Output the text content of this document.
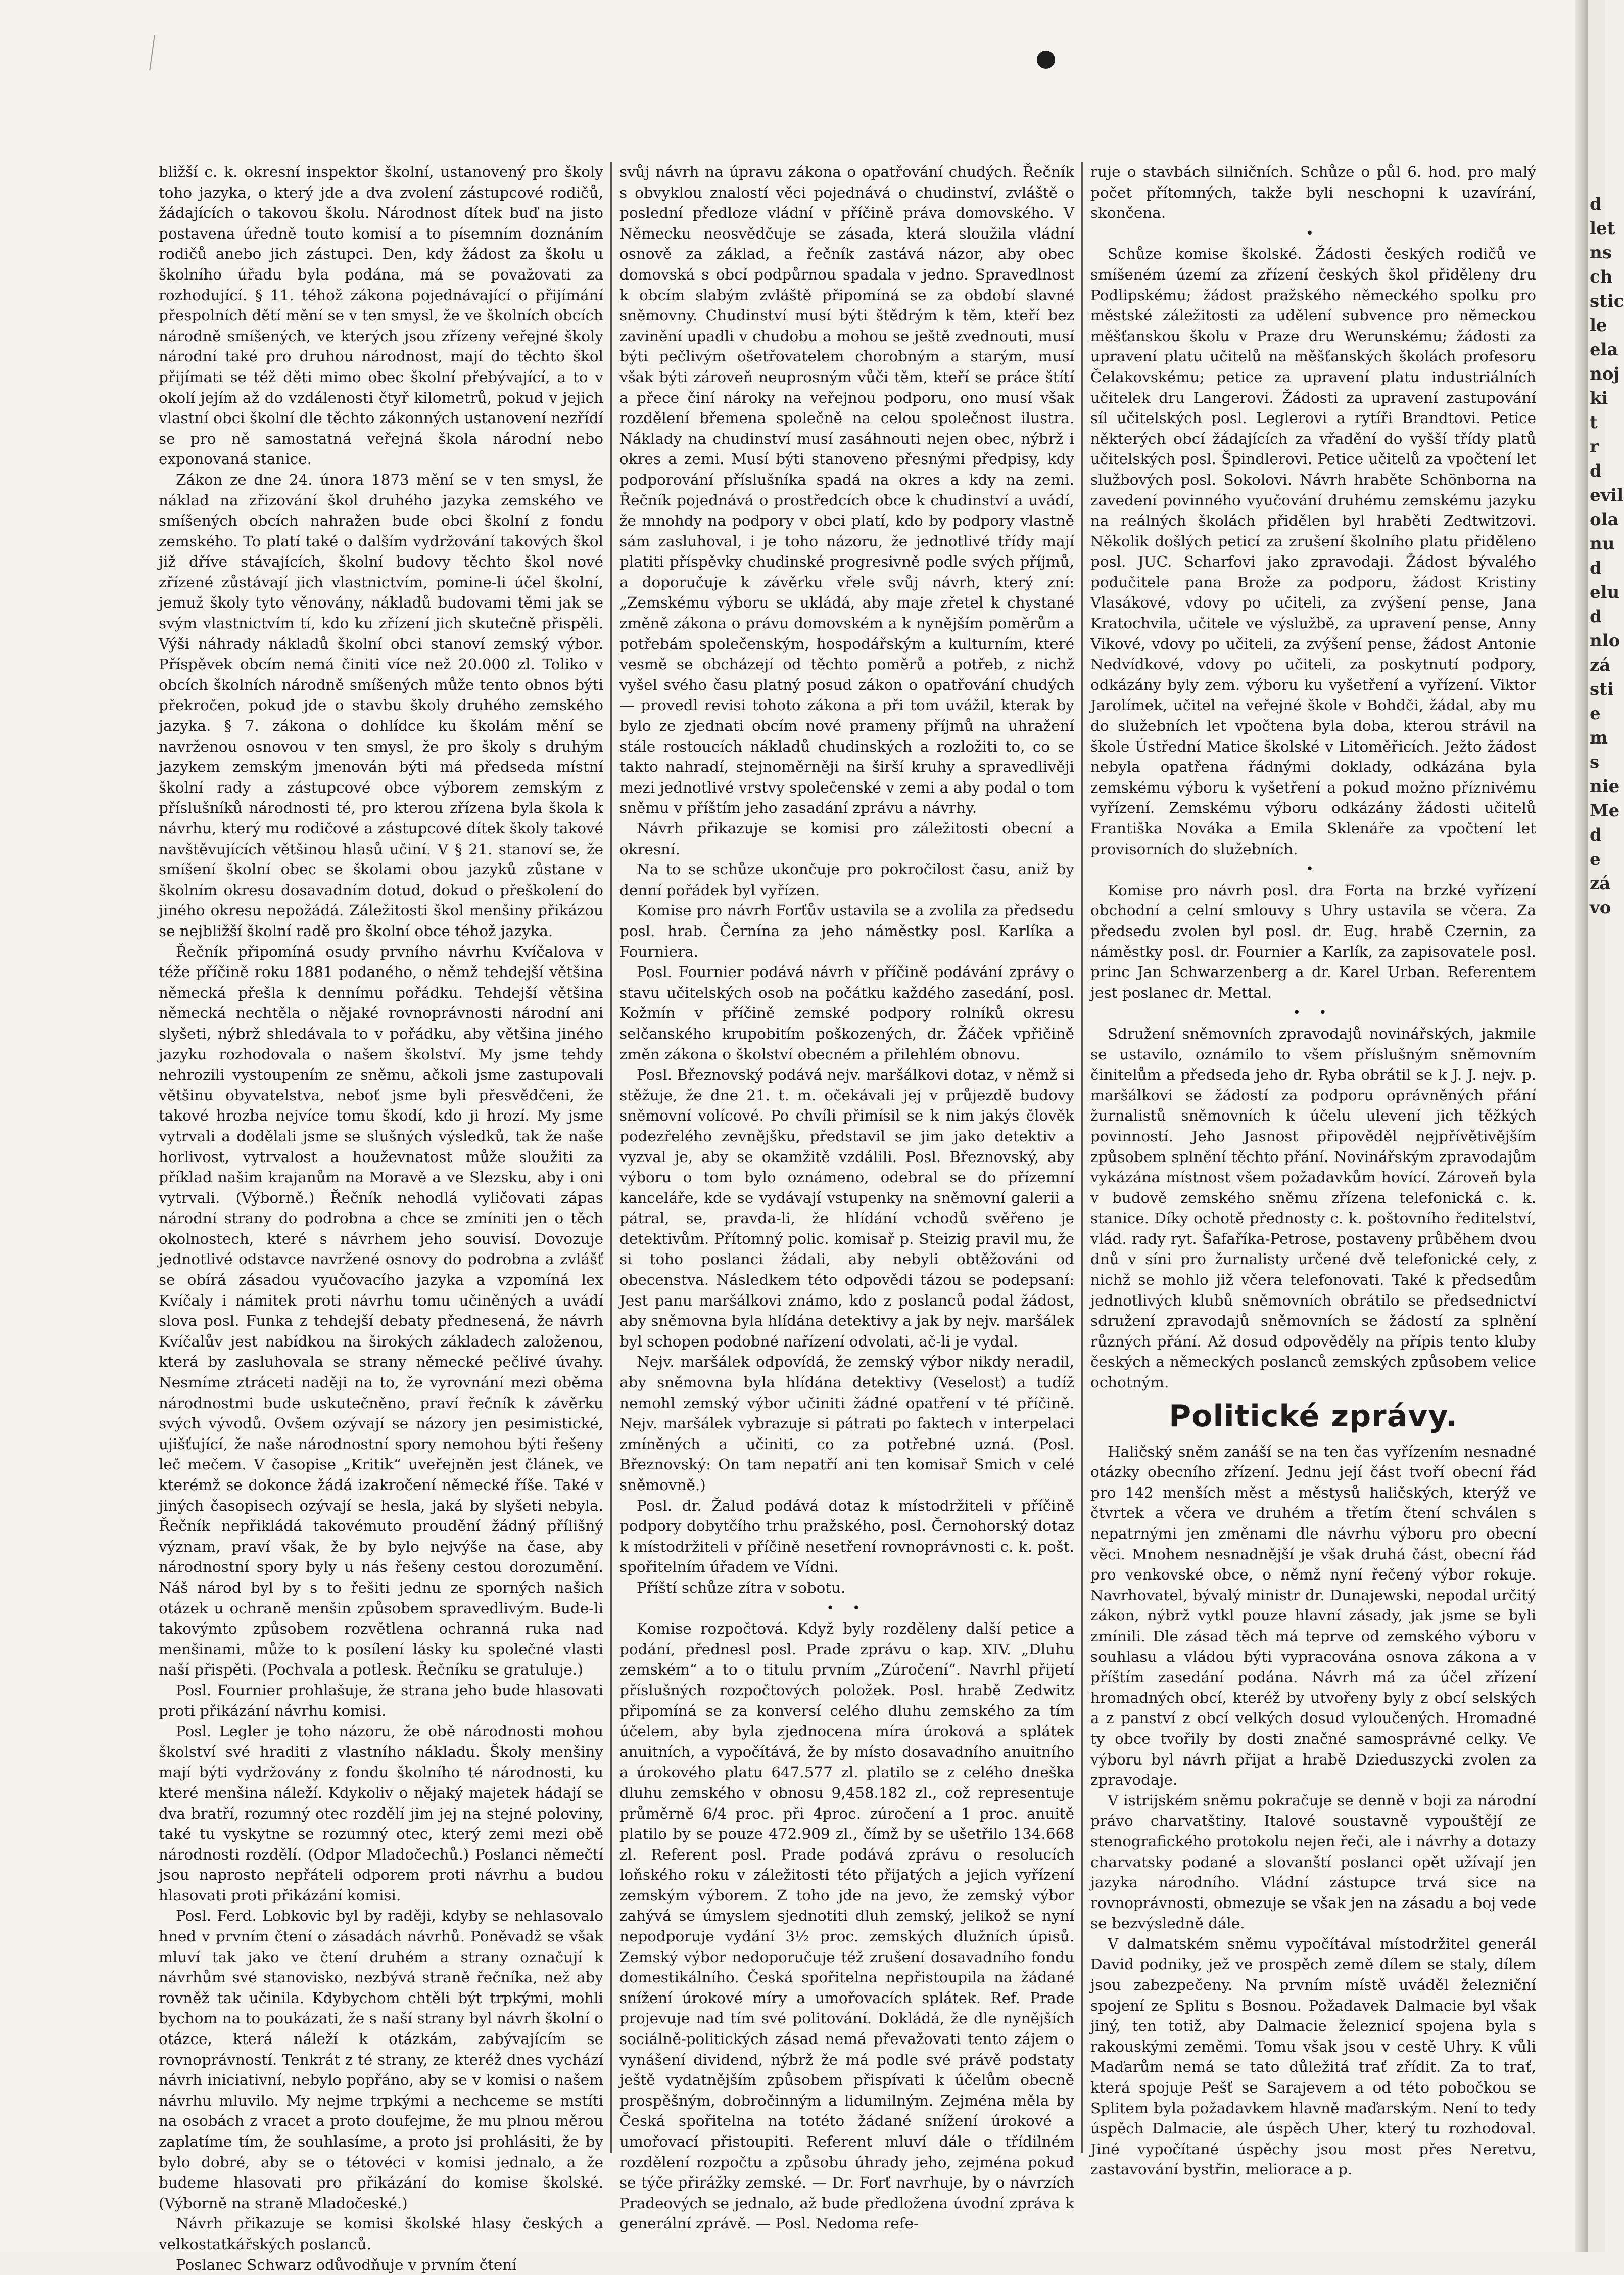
bližší c. k. okresní inspektor školní, ustanovený pro školy toho jazyka, o který jde a dva zvolení zástupcové rodičů, žádajících o takovou školu. Národnost dítek buď na jisto postavena úředně touto komisí a to písemním doznáním rodičů anebo jich zástupci. Den, kdy žádost za školu u školního úřadu byla podána, má se považovati za rozhodující. § 11. téhož zákona pojednávající o přijímání přespolních dětí mění se v ten smysl, že ve školních obcích národně smíšených, ve kterých jsou zřízeny veřejné školy národní také pro druhou národnost, mají do těchto škol přijímati se též děti mimo obec školní přebývající, a to v okolí jejím až do vzdálenosti čtyř kilometrů, pokud v jejich vlastní obci školní dle těchto zákonných ustanovení nezřídí se pro ně samostatná veřejná škola národní nebo exponovaná stanice.

Zákon ze dne 24. února 1873 mění se v ten smysl, že náklad na zřizování škol druhého jazyka zemského ve smíšených obcích nahražen bude obci školní z fondu zemského. To platí také o dalším vydržování takových škol již dříve stávajících, školní budovy těchto škol nové zřízené zůstávají jich vlastnictvím, pomine-li účel školní, jemuž školy tyto věnovány, nákladů budovami těmi jak se svým vlastnictvím tí, kdo ku zřízení jich skutečně přispěli. Výši náhrady nákladů školní obci stanoví zemský výbor. Příspěvek obcím nemá činiti více než 20.000 zl. Toliko v obcích školních národně smíšených může tento obnos býti překročen, pokud jde o stavbu školy druhého zemského jazyka. § 7. zákona o dohlídce ku školám mění se navrženou osnovou v ten smysl, že pro školy s druhým jazykem zemským jmenován býti má předseda místní školní rady a zástupcové obce výborem zemským z příslušníků národnosti té, pro kterou zřízena byla škola k návrhu, který mu rodičové a zástupcové dítek školy takové navštěvujících většinou hlasů učiní. V § 21. stanoví se, že smíšení školní obec se školami obou jazyků zůstane v školním okresu dosavadním dotud, dokud o přeškolení do jiného okresu nepožádá. Záležitosti škol menšiny přikázou se nejbližší školní radě pro školní obce téhož jazyka.

Řečník připomíná osudy prvního návrhu Kvíčalova v téže příčině roku 1881 podaného, o němž tehdejší většina německá přešla k dennímu pořádku. Tehdejší většina německá nechtěla o nějaké rovnoprávnosti národní ani slyšeti, nýbrž shledávala to v pořádku, aby většina jiného jazyku rozhodovala o našem školství. My jsme tehdy nehrozili vystoupením ze sněmu, ačkoli jsme zastupovali většinu obyvatelstva, neboť jsme byli přesvědčeni, že takové hrozba nejvíce tomu škodí, kdo ji hrozí. My jsme vytrvali a dodělali jsme se slušných výsledků, tak že naše horlivost, vytrvalost a houževnatost může sloužiti za příklad našim krajanům na Moravě a ve Slezsku, aby i oni vytrvali. (Výborně.) Řečník nehodlá vyličovati zápas národní strany do podrobna a chce se zmíniti jen o těch okolnostech, které s návrhem jeho souvisí. Dovozuje jednotlivé odstavce navržené osnovy do podrobna a zvlášť se obírá zásadou vyučovacího jazyka a vzpomíná lex Kvíčaly i námitek proti návrhu tomu učiněných a uvádí slova posl. Funka z tehdejší debaty přednesená, že návrh Kvíčalův jest nabídkou na širokých základech založenou, která by zasluhovala se strany německé pečlivé úvahy. Nesmíme ztráceti naději na to, že vyrovnání mezi oběma národnostmi bude uskutečněno, praví řečník k závěrku svých vývodů. Ovšem ozývají se názory jen pesimistické, ujišťující, že naše národnostní spory nemohou býti řešeny leč mečem. V časopise „Kritik“ uveřejněn jest článek, ve kterémž se dokonce žádá izakročení německé říše. Také v jiných časopisech ozývají se hesla, jaká by slyšeti nebyla. Řečník nepřikládá takovémuto proudění žádný přílišný význam, praví však, že by bylo nejvýše na čase, aby národnostní spory byly u nás řešeny cestou dorozumění. Náš národ byl by s to řešiti jednu ze sporných našich otázek u ochraně menšin způsobem spravedlivým. Bude-li takovýmto způsobem rozvětlena ochranná ruka nad menšinami, může to k posílení lásky ku společné vlasti naší přispěti. (Pochvala a potlesk. Řečníku se gratuluje.)

Posl. Fournier prohlašuje, že strana jeho bude hlasovati proti přikázání návrhu komisi.

Posl. Legler je toho názoru, že obě národnosti mohou školství své hraditi z vlastního nákladu. Školy menšiny mají býti vydržovány z fondu školního té národnosti, ku které menšina náleží. Kdykoliv o nějaký majetek hádají se dva bratří, rozumný otec rozdělí jim jej na stejné poloviny, také tu vyskytne se rozumný otec, který zemi mezi obě národnosti rozdělí. (Odpor Mladočechů.) Poslanci němečtí jsou naprosto nepřáteli odporem proti návrhu a budou hlasovati proti přikázání komisi.

Posl. Ferd. Lobkovic byl by raději, kdyby se nehlasovalo hned v prvním čtení o zásadách návrhů. Poněvadž se však mluví tak jako ve čtení druhém a strany označují k návrhům své stanovisko, nezbývá straně řečníka, než aby rovněž tak učinila. Kdybychom chtěli být trpkými, mohli bychom na to poukázati, že s naší strany byl návrh školní o otázce, která náleží k otázkám, zabývajícím se rovnoprávností. Tenkrát z té strany, ze kteréž dnes vychází návrh iniciativní, nebylo popřáno, aby se v komisi o našem návrhu mluvilo. My nejme trpkými a nechceme se mstíti na osobách z vracet a proto doufejme, že mu plnou měrou zaplatíme tím, že souhlasíme, a proto jsi prohlásiti, že by bylo dobré, aby se o tétovéci v komisi jednalo, a že budeme hlasovati pro přikázání do komise školské. (Výborně na straně Mladočeské.)

Návrh přikazuje se komisi školské hlasy českých a velkostatkářských poslanců.

Poslanec Schwarz odůvodňuje v prvním čtení

svůj návrh na úpravu zákona o opatřování chudých. Řečník s obvyklou znalostí věci pojednává o chudinství, zvláště o poslední předloze vládní v příčině práva domovského. V Německu neosvědčuje se zásada, která sloužila vládní osnově za základ, a řečník zastává názor, aby obec domovská s obcí podpůrnou spadala v jedno. Spravedlnost k obcím slabým zvláště připomíná se za období slavné sněmovny. Chudinství musí býti štědrým k těm, kteří bez zavinění upadli v chudobu a mohou se ještě zvednouti, musí býti pečlivým ošetřovatelem chorobným a starým, musí však býti zároveň neuprosným vůči těm, kteří se práce štítí a přece činí nároky na veřejnou podporu, ono musí však rozdělení břemena společně na celou společnost ilustra. Náklady na chudinství musí zasáhnouti nejen obec, nýbrž i okres a zemi. Musí býti stanoveno přesnými předpisy, kdy podporování příslušníka spadá na okres a kdy na zemi. Řečník pojednává o prostředcích obce k chudinství a uvádí, že mnohdy na podpory v obci platí, kdo by podpory vlastně sám zasluhoval, i je toho názoru, že jednotlivé třídy mají platiti příspěvky chudinské progresivně podle svých příjmů, a doporučuje k závěrku vřele svůj návrh, který zní: „Zemskému výboru se ukládá, aby maje zřetel k chystané změně zákona o právu domovském a k nynějším poměrům a potřebám společenským, hospodářským a kulturním, které vesmě se obcházejí od těchto poměrů a potřeb, z nichž vyšel svého času platný posud zákon o opatřování chudých — provedl revisi tohoto zákona a při tom uvážil, kterak by bylo ze zjednati obcím nové prameny příjmů na uhražení stále rostoucích nákladů chudinských a rozložiti to, co se takto nahradí, stejnoměrněji na širší kruhy a spravedlivěji mezi jednotlivé vrstvy společenské v zemi a aby podal o tom sněmu v příštím jeho zasadání zprávu a návrhy.

Návrh přikazuje se komisi pro záležitosti obecní a okresní.

Na to se schůze ukončuje pro pokročilost času, aniž by denní pořádek byl vyřízen.

Komise pro návrh Forťův ustavila se a zvolila za předsedu posl. hrab. Černína za jeho náměstky posl. Karlíka a Fourniera.

Posl. Fournier podává návrh v příčině podávání zprávy o stavu učitelských osob na počátku každého zasedání, posl. Kožmín v příčině zemské podpory rolníků okresu selčanského krupobitím poškozených, dr. Žáček vpřičině změn zákona o školství obecném a přilehlém obnovu.

Posl. Březnovský podává nejv. maršálkovi dotaz, v němž si stěžuje, že dne 21. t. m. očekávali jej v průjezdě budovy sněmovní volícové. Po chvíli přimísil se k nim jakýs člověk podezřelého zevnějšku, představil se jim jako detektiv a vyzval je, aby se okamžitě vzdálili. Posl. Březnovský, aby výboru o tom bylo oznámeno, odebral se do přízemní kanceláře, kde se vydávají vstupenky na sněmovní galerii a pátral, se, pravda-li, že hlídání vchodů svěřeno je detektivům. Přítomný polic. komisař p. Steizig pravil mu, že si toho poslanci žádali, aby nebyli obtěžováni od obecenstva. Následkem této odpovědi tázou se podepsaní: Jest panu maršálkovi známo, kdo z poslanců podal žádost, aby sněmovna byla hlídána detektivy a jak by nejv. maršálek byl schopen podobné nařízení odvolati, ač-li je vydal.

Nejv. maršálek odpovídá, že zemský výbor nikdy neradil, aby sněmovna byla hlídána detektivy (Veselost) a tudíž nemohl zemský výbor učiniti žádné opatření v té příčině. Nejv. maršálek vybrazuje si pátrati po faktech v interpelaci zmíněných a učiniti, co za potřebné uzná. (Posl. Březnovský: On tam nepatří ani ten komisař Smich v celé sněmovně.)

Posl. dr. Žalud podává dotaz k místodržiteli v příčině podpory dobytčího trhu pražského, posl. Černohorský dotaz k místodržiteli v příčině nesetření rovnoprávnosti c. k. pošt. spořitelním úřadem ve Vídni.

Příští schůze zítra v sobotu.

• •

Komise rozpočtová. Když byly rozděleny další petice a podání, přednesl posl. Prade zprávu o kap. XIV. „Dluhu zemském“ a to o titulu prvním „Zúročení“. Navrhl přijetí příslušných rozpočtových položek. Posl. hrabě Zedwitz připomíná se za konversí celého dluhu zemského za tím účelem, aby byla zjednocena míra úroková a splátek anuitních, a vypočítává, že by místo dosavadního anuitního a úrokového platu 647.577 zl. platilo se z celého dneška dluhu zemského v obnosu 9,458.182 zl., což representuje průměrně 6/4 proc. při 4proc. zúročení a 1 proc. anuitě platilo by se pouze 472.909 zl., čímž by se ušetřilo 134.668 zl. Referent posl. Prade podává zprávu o resolucích loňského roku v záležitosti této přijatých a jejich vyřízení zemským výborem. Z toho jde na jevo, že zemský výbor zahývá se úmyslem sjednotiti dluh zemský, jelikož se nyní nepodporuje vydání 3½ proc. zemských dlužních úpisů. Zemský výbor nedoporučuje též zrušení dosavadního fondu domestikálního. Česká spořitelna nepřistoupila na žádané snížení úrokové míry a umořovacích splátek. Ref. Prade projevuje nad tím své politování. Dokládá, že dle nynějších sociálně-politických zásad nemá převažovati tento zájem o vynášení dividend, nýbrž že má podle své právě podstaty ještě vydatnějším způsobem přispívati k účelům obecně prospěšným, dobročinným a lidumilným. Zejména měla by Česká spořitelna na totéto žádané snížení úrokové a umořovací přistoupiti. Referent mluví dále o třídilném rozdělení rozpočtu a způsobu úhrady jeho, zejména pokud se týče přirážky zemské. — Dr. Forť navrhuje, by o návrzích Pradeových se jednalo, až bude předložena úvodní zpráva k generální zprávě. — Posl. Nedoma refe-

ruje o stavbách silničních. Schůze o půl 6. hod. pro malý počet přítomných, takže byli neschopni k uzavírání, skončena.

•

Schůze komise školské. Žádosti českých rodičů ve smíšeném území za zřízení českých škol přiděleny dru Podlipskému; žádost pražského německého spolku pro městské záležitosti za udělení subvence pro německou měšťanskou školu v Praze dru Werunskému; žádosti za upravení platu učitelů na měšťanských školách profesoru Čelakovskému; petice za upravení platu industriálních učitelek dru Langerovi. Žádosti za upravení zastupování síl učitelských posl. Leglerovi a rytíři Brandtovi. Petice některých obcí žádajících za vřadění do vyšší třídy platů učitelských posl. Špindlerovi. Petice učitelů za vpočtení let službových posl. Sokolovi. Návrh hraběte Schönborna na zavedení povinného vyučování druhému zemskému jazyku na reálných školách přidělen byl hraběti Zedtwitzovi. Několik došlých peticí za zrušení školního platu přiděleno posl. JUC. Scharfovi jako zpravodaji. Žádost bývalého podučitele pana Brože za podporu, žádost Kristiny Vlasákové, vdovy po učiteli, za zvýšení pense, Jana Kratochvila, učitele ve výslužbě, za upravení pense, Anny Vikové, vdovy po učiteli, za zvýšení pense, žádost Antonie Nedvídkové, vdovy po učiteli, za poskytnutí podpory, odkázány byly zem. výboru ku vyšetření a vyřízení. Viktor Jarolímek, učitel na veřejné škole v Bohdči, žádal, aby mu do služebních let vpočtena byla doba, kterou strávil na škole Ústřední Matice školské v Litoměřicích. Ježto žádost nebyla opatřena řádnými doklady, odkázána byla zemskému výboru k vyšetření a pokud možno příznivému vyřízení. Zemskému výboru odkázány žádosti učitelů Františka Nováka a Emila Sklenáře za vpočtení let provisorních do služebních.

•

Komise pro návrh posl. dra Forta na brzké vyřízení obchodní a celní smlouvy s Uhry ustavila se včera. Za předsedu zvolen byl posl. dr. Eug. hrabě Czernin, za náměstky posl. dr. Fournier a Karlík, za zapisovatele posl. princ Jan Schwarzenberg a dr. Karel Urban. Referentem jest poslanec dr. Mettal.

• •

Sdružení sněmovních zpravodajů novinářských, jakmile se ustavilo, oznámilo to všem příslušným sněmovním činitelům a předseda jeho dr. Ryba obrátil se k J. J. nejv. p. maršálkovi se žádostí za podporu oprávněných přání žurnalistů sněmovních k účelu ulevení jich těžkých povinností. Jeho Jasnost připověděl nejpřívětivějším způsobem splnění těchto přání. Novinářským zpravodajům vykázána místnost všem požadavkům hovící. Zároveň byla v budově zemského sněmu zřízena telefonická c. k. stanice. Díky ochotě přednosty c. k. poštovního ředitelství, vlád. rady ryt. Šafaříka-Petrose, postaveny průběhem dvou dnů v síni pro žurnalisty určené dvě telefonické cely, z nichž se mohlo již včera telefonovati. Také k předsedům jednotlivých klubů sněmovních obrátilo se předsednictví sdružení zpravodajů sněmovních se žádostí za splnění různých přání. Až dosud odpověděly na přípis tento kluby českých a německých poslanců zemských způsobem velice ochotným.

Politické zprávy.

Haličský sněm zanáší se na ten čas vyřízením nesnadné otázky obecního zřízení. Jednu její část tvoří obecní řád pro 142 menších měst a městysů haličských, kterýž ve čtvrtek a včera ve druhém a třetím čtení schválen s nepatrnými jen změnami dle návrhu výboru pro obecní věci. Mnohem nesnadnější je však druhá část, obecní řád pro venkovské obce, o němž nyní řečený výbor rokuje. Navrhovatel, bývalý ministr dr. Dunajewski, nepodal určitý zákon, nýbrž vytkl pouze hlavní zásady, jak jsme se byli zmínili. Dle zásad těch má teprve od zemského výboru v souhlasu a vládou býti vypracována osnova zákona a v příštím zasedání podána. Návrh má za účel zřízení hromadných obcí, kteréž by utvořeny byly z obcí selských a z panství z obcí velkých dosud vyloučených. Hromadné ty obce tvořily by dosti značné samosprávné celky. Ve výboru byl návrh přijat a hrabě Dzieduszycki zvolen za zpravodaje.

V istrijském sněmu pokračuje se denně v boji za národní právo charvatštiny. Italové soustavně vypouštějí ze stenografického protokolu nejen řeči, ale i návrhy a dotazy charvatsky podané a slovanští poslanci opět užívají jen jazyka národního. Vládní zástupce trvá sice na rovnoprávnosti, obmezuje se však jen na zásadu a boj vede se bezvýsledně dále.

V dalmatském sněmu vypočítával místodržitel generál David podniky, jež ve prospěch země dílem se staly, dílem jsou zabezpečeny. Na prvním místě uváděl železniční spojení ze Splitu s Bosnou. Požadavek Dalmacie byl však jiný, ten totiž, aby Dalmacie železnicí spojena byla s rakouskými zeměmi. Tomu však jsou v cestě Uhry. K vůli Maďarům nemá se tato důležitá trať zřídit. Za to trať, která spojuje Pešť se Sarajevem a od této pobočkou se Splitem byla požadavkem hlavně maďarským. Není to tedy úspěch Dalmacie, ale úspěch Uher, který tu rozhodoval. Jiné vypočítané úspěchy jsou most přes Neretvu, zastavování bystřin, meliorace a p.

d
let
ns
ch
stic
le
ela
noj
ki
t
r
d
evil
ola
nu
d
elu
d
nlo
zá
sti
e
m
s
nie
Me
d
e
zá
vo
